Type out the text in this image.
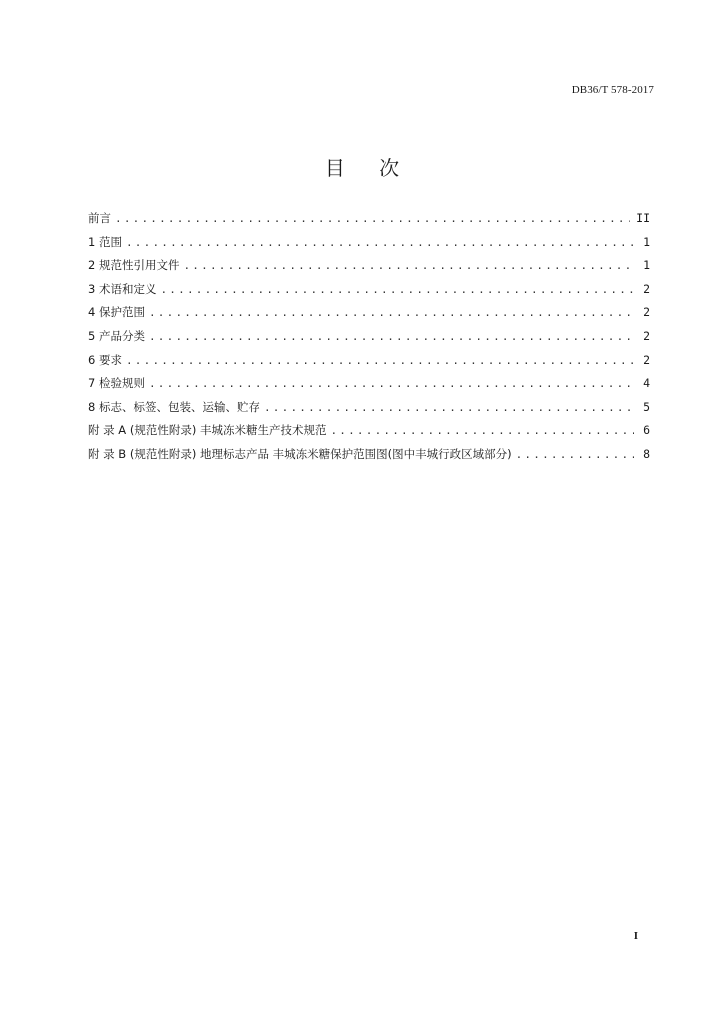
DB36/T 578-2017
目 次
前言 .....	II
1 范围 .....	1
2 规范性引用文件 .....	1
3 术语和定义 .....	2
4 保护范围 .....	2
5 产品分类 .....	2
6 要求 .....	2
7 检验规则 .....	4
8 标志、标签、包装、运输、贮存 .....	5
附 录 A (规范性附录) 丰城冻米糖生产技术规范 .....	6
附 录 B (规范性附录) 地理标志产品 丰城冻米糖保护范围图(图中丰城行政区域部分) .....	8
I
